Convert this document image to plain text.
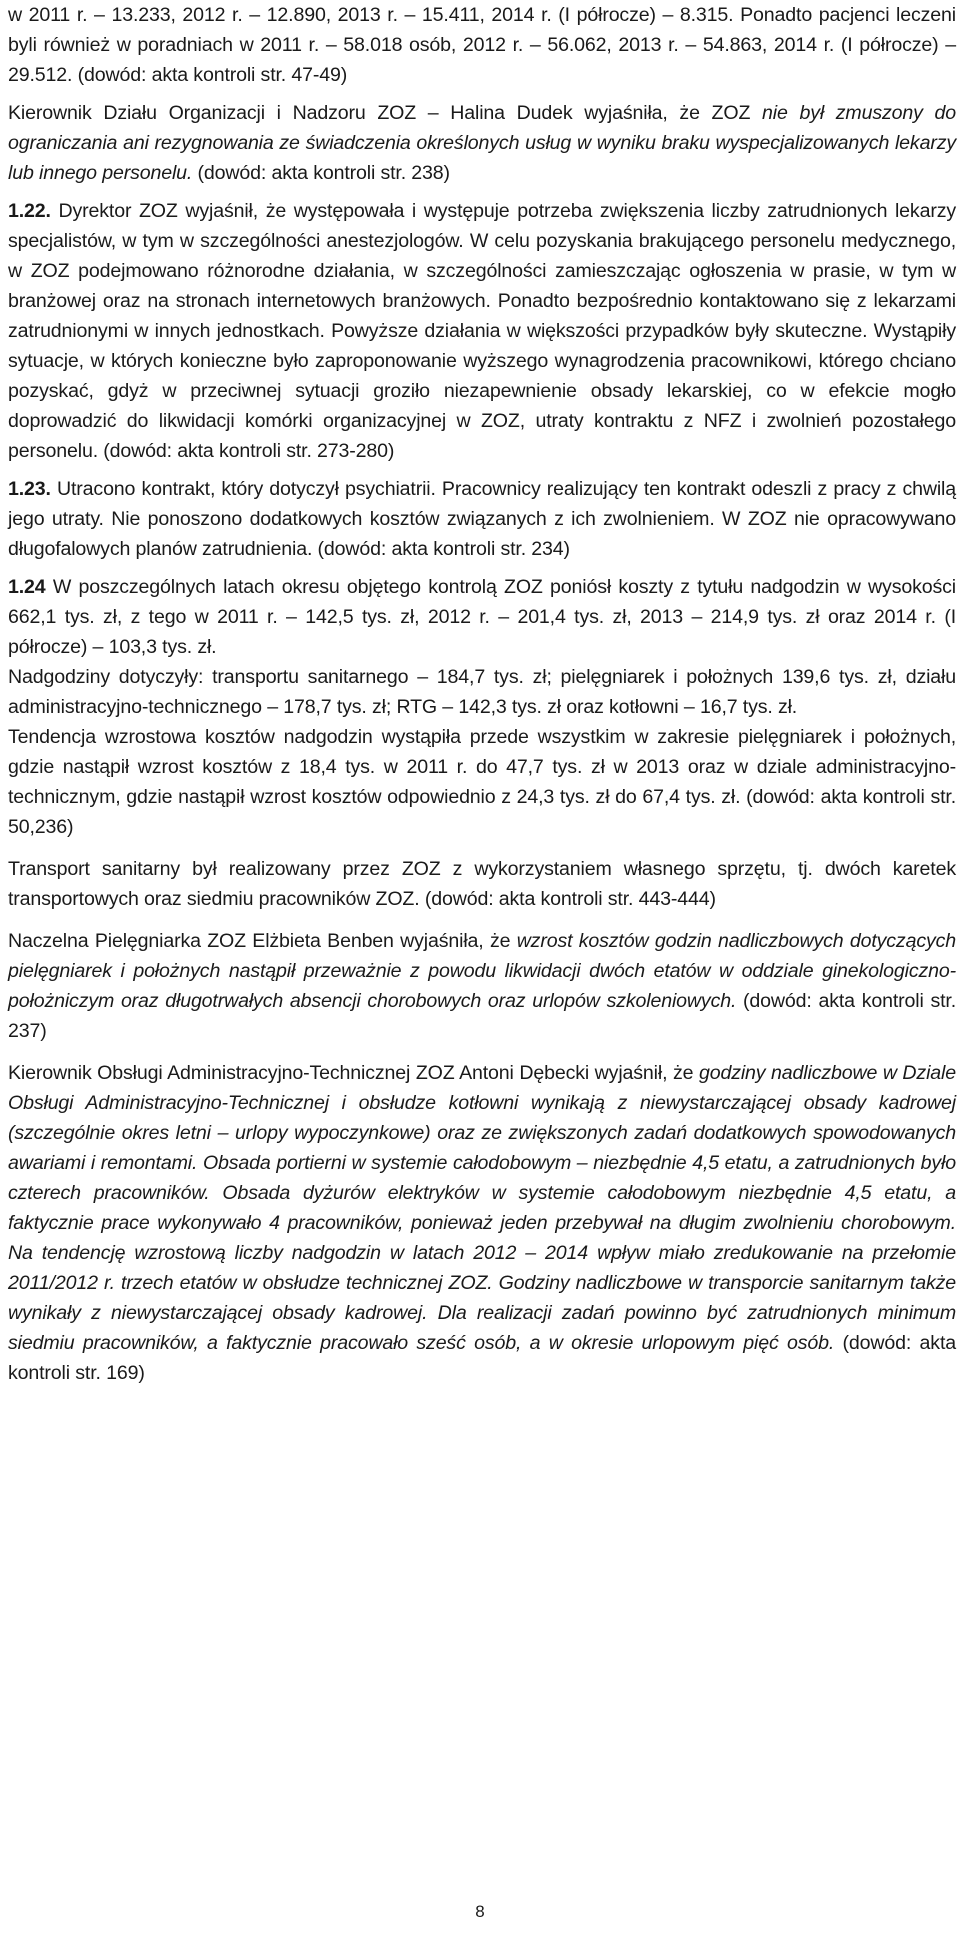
w 2011 r. – 13.233, 2012 r. – 12.890, 2013 r. – 15.411, 2014 r. (I półrocze) – 8.315. Ponadto pacjenci leczeni byli również w poradniach w 2011 r. – 58.018 osób, 2012 r. – 56.062, 2013 r. – 54.863, 2014 r. (I półrocze) – 29.512. (dowód: akta kontroli str. 47-49)

Kierownik Działu Organizacji i Nadzoru ZOZ – Halina Dudek wyjaśniła, że ZOZ nie był zmuszony do ograniczania ani rezygnowania ze świadczenia określonych usług w wyniku braku wyspecjalizowanych lekarzy lub innego personelu. (dowód: akta kontroli str. 238)

1.22. Dyrektor ZOZ wyjaśnił, że występowała i występuje potrzeba zwiększenia liczby zatrudnionych lekarzy specjalistów, w tym w szczególności anestezjologów. W celu pozyskania brakującego personelu medycznego, w ZOZ podejmowano różnorodne działania, w szczególności zamieszczając ogłoszenia w prasie, w tym w branżowej oraz na stronach internetowych branżowych. Ponadto bezpośrednio kontaktowano się z lekarzami zatrudnionymi w innych jednostkach. Powyższe działania w większości przypadków były skuteczne. Wystąpiły sytuacje, w których konieczne było zaproponowanie wyższego wynagrodzenia pracownikowi, którego chciano pozyskać, gdyż w przeciwnej sytuacji groziło niezapewnienie obsady lekarskiej, co w efekcie mogło doprowadzić do likwidacji komórki organizacyjnej w ZOZ, utraty kontraktu z NFZ i zwolnień pozostałego personelu. (dowód: akta kontroli str. 273-280)

1.23. Utracono kontrakt, który dotyczył psychiatrii. Pracownicy realizujący ten kontrakt odeszli z pracy z chwilą jego utraty. Nie ponoszono dodatkowych kosztów związanych z ich zwolnieniem. W ZOZ nie opracowywano długofalowych planów zatrudnienia. (dowód: akta kontroli str. 234)

1.24 W poszczególnych latach okresu objętego kontrolą ZOZ poniósł koszty z tytułu nadgodzin w wysokości 662,1 tys. zł, z tego w 2011 r. – 142,5 tys. zł, 2012 r. – 201,4 tys. zł, 2013 – 214,9 tys. zł oraz 2014 r. (I półrocze) – 103,3 tys. zł.

Nadgodziny dotyczyły: transportu sanitarnego – 184,7 tys. zł; pielęgniarek i położnych 139,6 tys. zł, działu administracyjno-technicznego – 178,7 tys. zł; RTG – 142,3 tys. zł oraz kotłowni – 16,7 tys. zł.

Tendencja wzrostowa kosztów nadgodzin wystąpiła przede wszystkim w zakresie pielęgniarek i położnych, gdzie nastąpił wzrost kosztów z 18,4 tys. w 2011 r. do 47,7 tys. zł w 2013 oraz w dziale administracyjno-technicznym, gdzie nastąpił wzrost kosztów odpowiednio z 24,3 tys. zł do 67,4 tys. zł. (dowód: akta kontroli str. 50,236)

Transport sanitarny był realizowany przez ZOZ z wykorzystaniem własnego sprzętu, tj. dwóch karetek transportowych oraz siedmiu pracowników ZOZ. (dowód: akta kontroli str. 443-444)

Naczelna Pielęgniarka ZOZ Elżbieta Benben wyjaśniła, że wzrost kosztów godzin nadliczbowych dotyczących pielęgniarek i położnych nastąpił przeważnie z powodu likwidacji dwóch etatów w oddziale ginekologiczno-położniczym oraz długotrwałych absencji chorobowych oraz urlopów szkoleniowych. (dowód: akta kontroli str. 237)

Kierownik Obsługi Administracyjno-Technicznej ZOZ Antoni Dębecki wyjaśnił, że godziny nadliczbowe w Dziale Obsługi Administracyjno-Technicznej i obsłudze kotłowni wynikają z niewystarczającej obsady kadrowej (szczególnie okres letni – urlopy wypoczynkowe) oraz ze zwiększonych zadań dodatkowych spowodowanych awariami i remontami. Obsada portierni w systemie całodobowym – niezbędnie 4,5 etatu, a zatrudnionych było czterech pracowników. Obsada dyżurów elektryków w systemie całodobowym niezbędnie 4,5 etatu, a faktycznie prace wykonywało 4 pracowników, ponieważ jeden przebywał na długim zwolnieniu chorobowym. Na tendencję wzrostową liczby nadgodzin w latach 2012 – 2014 wpływ miało zredukowanie na przełomie 2011/2012 r. trzech etatów w obsłudze technicznej ZOZ. Godziny nadliczbowe w transporcie sanitarnym także wynikały z niewystarczającej obsady kadrowej. Dla realizacji zadań powinno być zatrudnionych minimum siedmiu pracowników, a faktycznie pracowało sześć osób, a w okresie urlopowym pięć osób. (dowód: akta kontroli str. 169)

8
